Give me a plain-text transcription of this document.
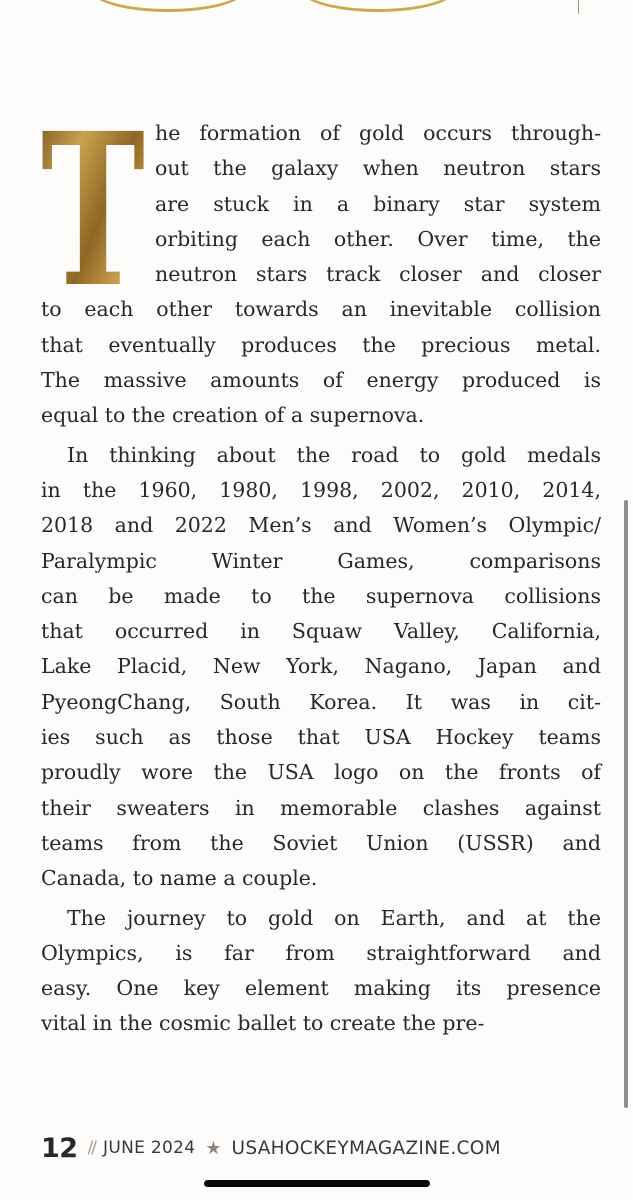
T he formation of gold occurs through-
out the galaxy when neutron stars
are stuck in a binary star system
orbiting each other. Over time, the
neutron stars track closer and closer
to each other towards an inevitable collision
that eventually produces the precious metal.
The massive amounts of energy produced is
equal to the creation of a supernova.
In thinking about the road to gold medals
in the 1960, 1980, 1998, 2002, 2010, 2014,
2018 and 2022 Men’s and Women’s Olympic/
Paralympic Winter Games, comparisons
can be made to the supernova collisions
that occurred in Squaw Valley, California,
Lake Placid, New York, Nagano, Japan and
PyeongChang, South Korea. It was in cit-
ies such as those that USA Hockey teams
proudly wore the USA logo on the fronts of
their sweaters in memorable clashes against
teams from the Soviet Union (USSR) and
Canada, to name a couple.
The journey to gold on Earth, and at the
Olympics, is far from straightforward and
easy. One key element making its presence
vital in the cosmic ballet to create the pre-
12 // JUNE 2024 ★ USAHOCKEYMAGAZINE.COM
